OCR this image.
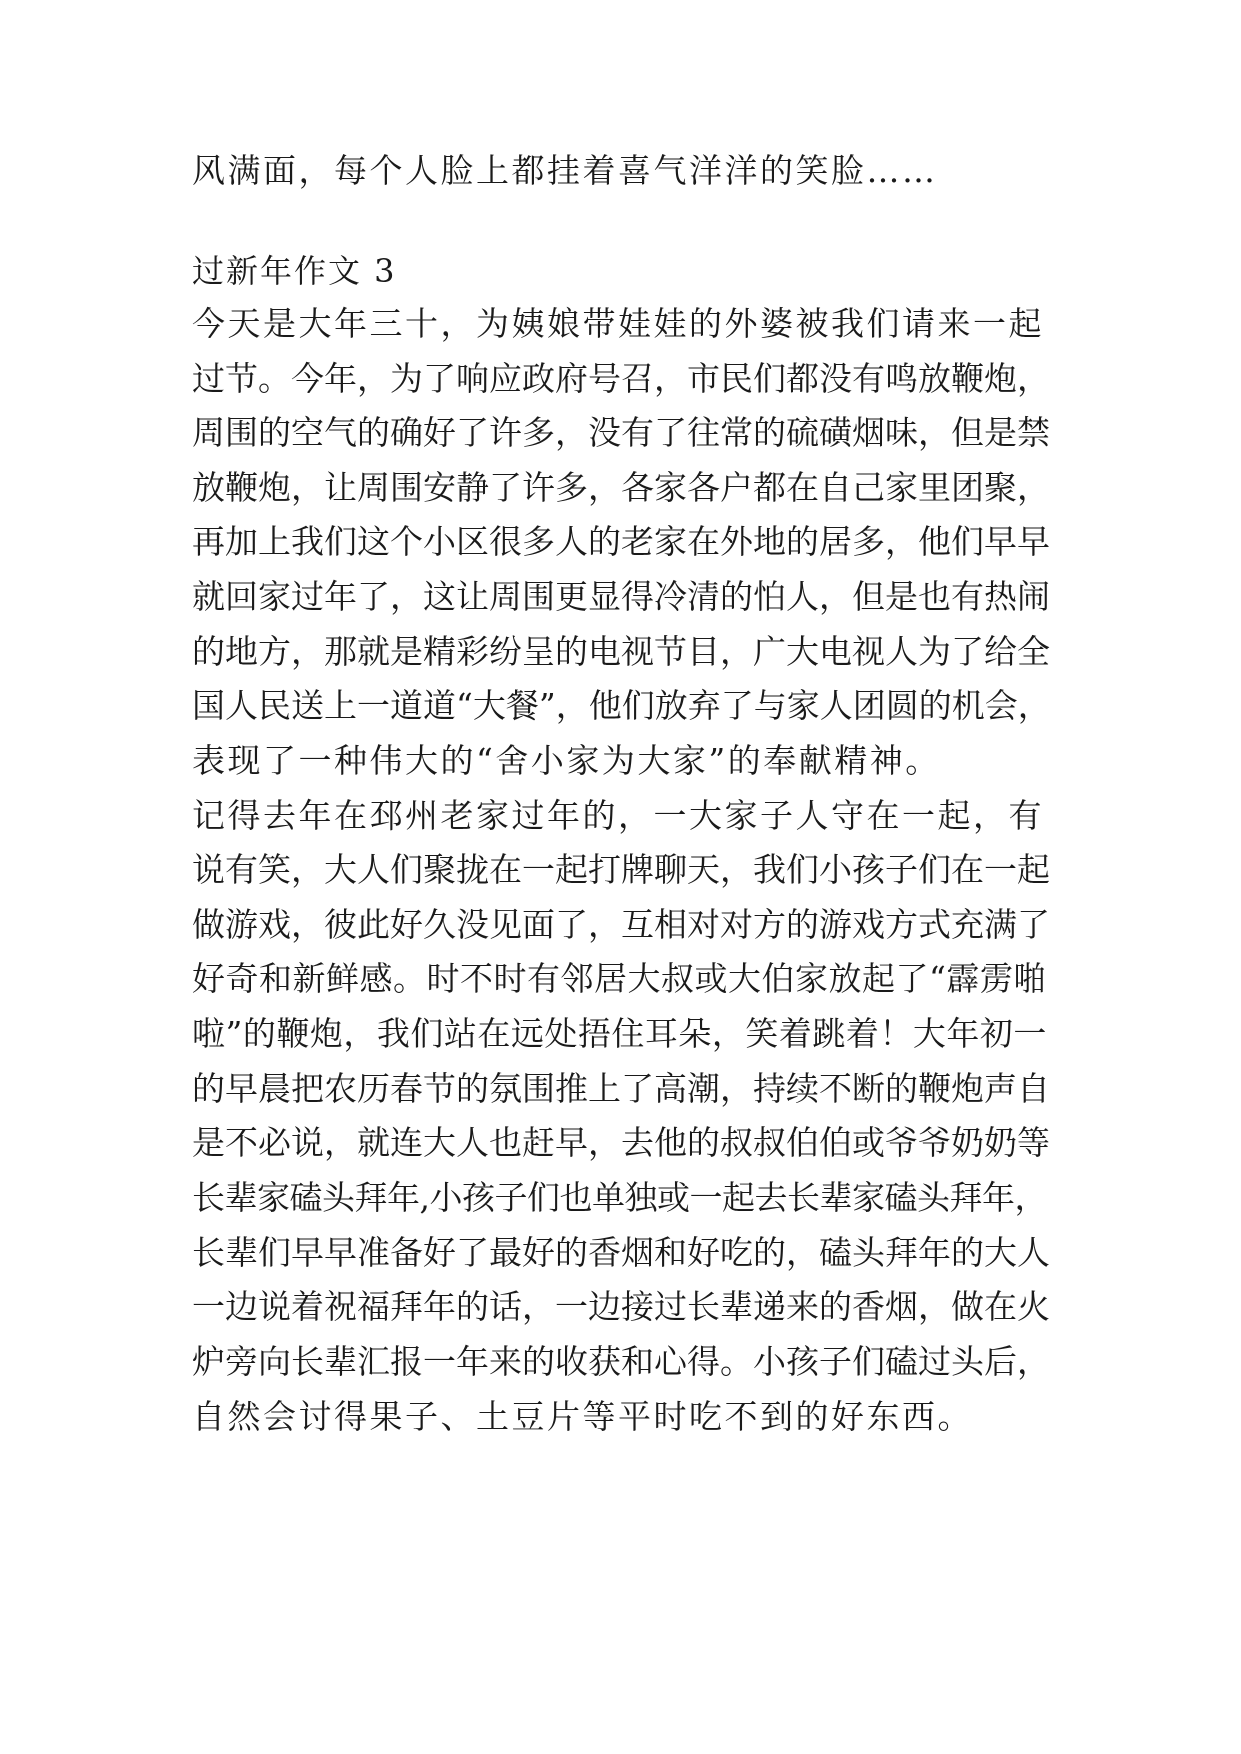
风满面，每个人脸上都挂着喜气洋洋的笑脸……
过新年作文 3
今天是大年三十，为姨娘带娃娃的外婆被我们请来一起
过节。今年，为了响应政府号召，市民们都没有鸣放鞭炮，
周围的空气的确好了许多，没有了往常的硫磺烟味，但是禁
放鞭炮，让周围安静了许多，各家各户都在自己家里团聚，
再加上我们这个小区很多人的老家在外地的居多，他们早早
就回家过年了，这让周围更显得冷清的怕人，但是也有热闹
的地方，那就是精彩纷呈的电视节目，广大电视人为了给全
国人民送上一道道“大餐”，他们放弃了与家人团圆的机会，
表现了一种伟大的“舍小家为大家”的奉献精神。
记得去年在邳州老家过年的，一大家子人守在一起，有
说有笑，大人们聚拢在一起打牌聊天，我们小孩子们在一起
做游戏，彼此好久没见面了，互相对对方的游戏方式充满了
好奇和新鲜感。时不时有邻居大叔或大伯家放起了“霹雳啪
啦”的鞭炮，我们站在远处捂住耳朵，笑着跳着！大年初一
的早晨把农历春节的氛围推上了高潮，持续不断的鞭炮声自
是不必说，就连大人也赶早，去他的叔叔伯伯或爷爷奶奶等
长辈家磕头拜年,小孩子们也单独或一起去长辈家磕头拜年，
长辈们早早准备好了最好的香烟和好吃的，磕头拜年的大人
一边说着祝福拜年的话，一边接过长辈递来的香烟，做在火
炉旁向长辈汇报一年来的收获和心得。小孩子们磕过头后，
自然会讨得果子、土豆片等平时吃不到的好东西。
